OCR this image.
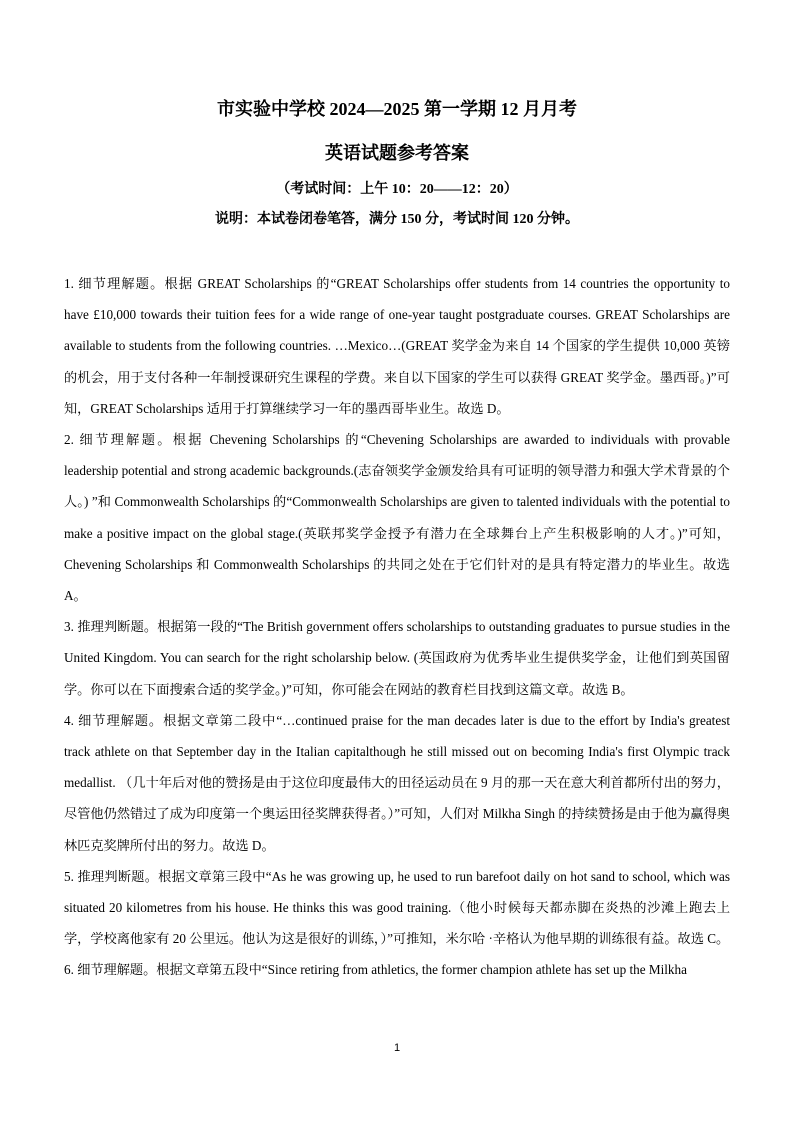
市实验中学校 2024—2025 第一学期 12 月月考
英语试题参考答案
（考试时间：上午 10：20——12：20）
说明：本试卷闭卷笔答，满分 150 分，考试时间 120 分钟。

1. 细节理解题。根据 GREAT Scholarships 的“GREAT Scholarships offer students from 14 countries the opportunity to have £10,000 towards their tuition fees for a wide range of one-year taught postgraduate courses. GREAT Scholarships are available to students from the following countries. …Mexico…(GREAT 奖学金为来自 14 个国家的学生提供 10,000 英镑的机会，用于支付各种一年制授课研究生课程的学费。来自以下国家的学生可以获得 GREAT 奖学金。墨西哥。)”可知，GREAT Scholarships 适用于打算继续学习一年的墨西哥毕业生。故选 D。

2. 细节理解题。根据 Chevening Scholarships 的“Chevening Scholarships are awarded to individuals with provable leadership potential and strong academic backgrounds.(志奋领奖学金颁发给具有可证明的领导潜力和强大学术背景的个人。) ”和 Commonwealth Scholarships 的“Commonwealth Scholarships are given to talented individuals with the potential to make a positive impact on the global stage.(英联邦奖学金授予有潜力在全球舞台上产生积极影响的人才。)”可知，Chevening Scholarships 和 Commonwealth Scholarships 的共同之处在于它们针对的是具有特定潜力的毕业生。故选 A。

3. 推理判断题。根据第一段的“The British government offers scholarships to outstanding graduates to pursue studies in the United Kingdom. You can search for the right scholarship below. (英国政府为优秀毕业生提供奖学金，让他们到英国留学。你可以在下面搜索合适的奖学金。)”可知，你可能会在网站的教育栏目找到这篇文章。故选 B。

4. 细节理解题。根据文章第二段中“…continued praise for the man decades later is due to the effort by India's greatest track athlete on that September day in the Italian capitalthough he still missed out on becoming India's first Olympic track medallist. （几十年后对他的赞扬是由于这位印度最伟大的田径运动员在 9 月的那一天在意大利首都所付出的努力，尽管他仍然错过了成为印度第一个奥运田径奖牌获得者。）”可知，人们对 Milkha Singh 的持续赞扬是由于他为赢得奥林匹克奖牌所付出的努力。故选 D。

5. 推理判断题。根据文章第三段中“As he was growing up, he used to run barefoot daily on hot sand to school, which was situated 20 kilometres from his house. He thinks this was good training.（他小时候每天都赤脚在炎热的沙滩上跑去上学，学校离他家有 20 公里远。他认为这是很好的训练，）”可推知，米尔哈 ·辛格认为他早期的训练很有益。故选 C。

6. 细节理解题。根据文章第五段中“Since retiring from athletics, the former champion athlete has set up the Milkha

1
